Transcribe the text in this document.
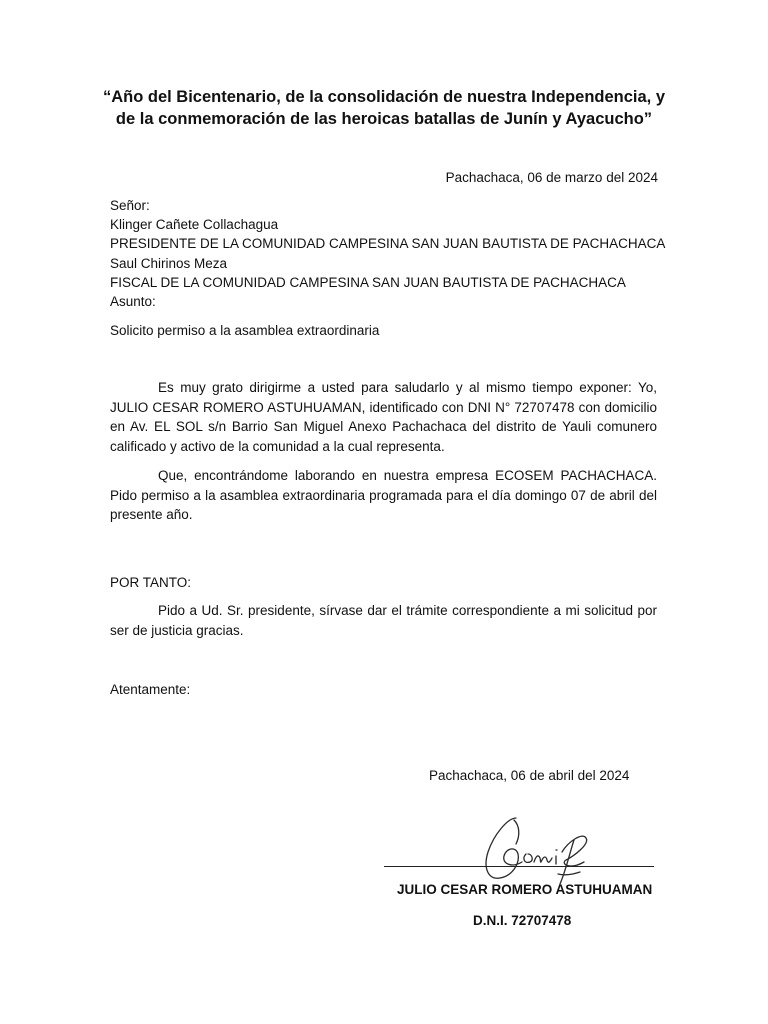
“Año del Bicentenario, de la consolidación de nuestra Independencia, y
de la conmemoración de las heroicas batallas de Junín y Ayacucho”
Pachachaca, 06 de marzo del 2024
Señor:
Klinger Cañete Collachagua
PRESIDENTE DE LA COMUNIDAD CAMPESINA SAN JUAN BAUTISTA DE PACHACHACA
Saul Chirinos Meza
FISCAL DE LA COMUNIDAD CAMPESINA SAN JUAN BAUTISTA DE PACHACHACA
Asunto:
Solicito permiso a la asamblea extraordinaria
Es muy grato dirigirme a usted para saludarlo y al mismo tiempo exponer: Yo, JULIO CESAR ROMERO ASTUHUAMAN, identificado con DNI N° 72707478 con domicilio en Av. EL SOL s/n Barrio San Miguel Anexo Pachachaca del distrito de Yauli comunero calificado y activo de la comunidad a la cual representa.
Que, encontrándome laborando en nuestra empresa ECOSEM PACHACHACA. Pido permiso a la asamblea extraordinaria programada para el día domingo 07 de abril del presente año.
POR TANTO:
Pido a Ud. Sr. presidente, sírvase dar el trámite correspondiente a mi solicitud por ser de justicia gracias.
Atentamente:
Pachachaca, 06 de abril del 2024
JULIO CESAR ROMERO ASTUHUAMAN
D.N.I. 72707478
